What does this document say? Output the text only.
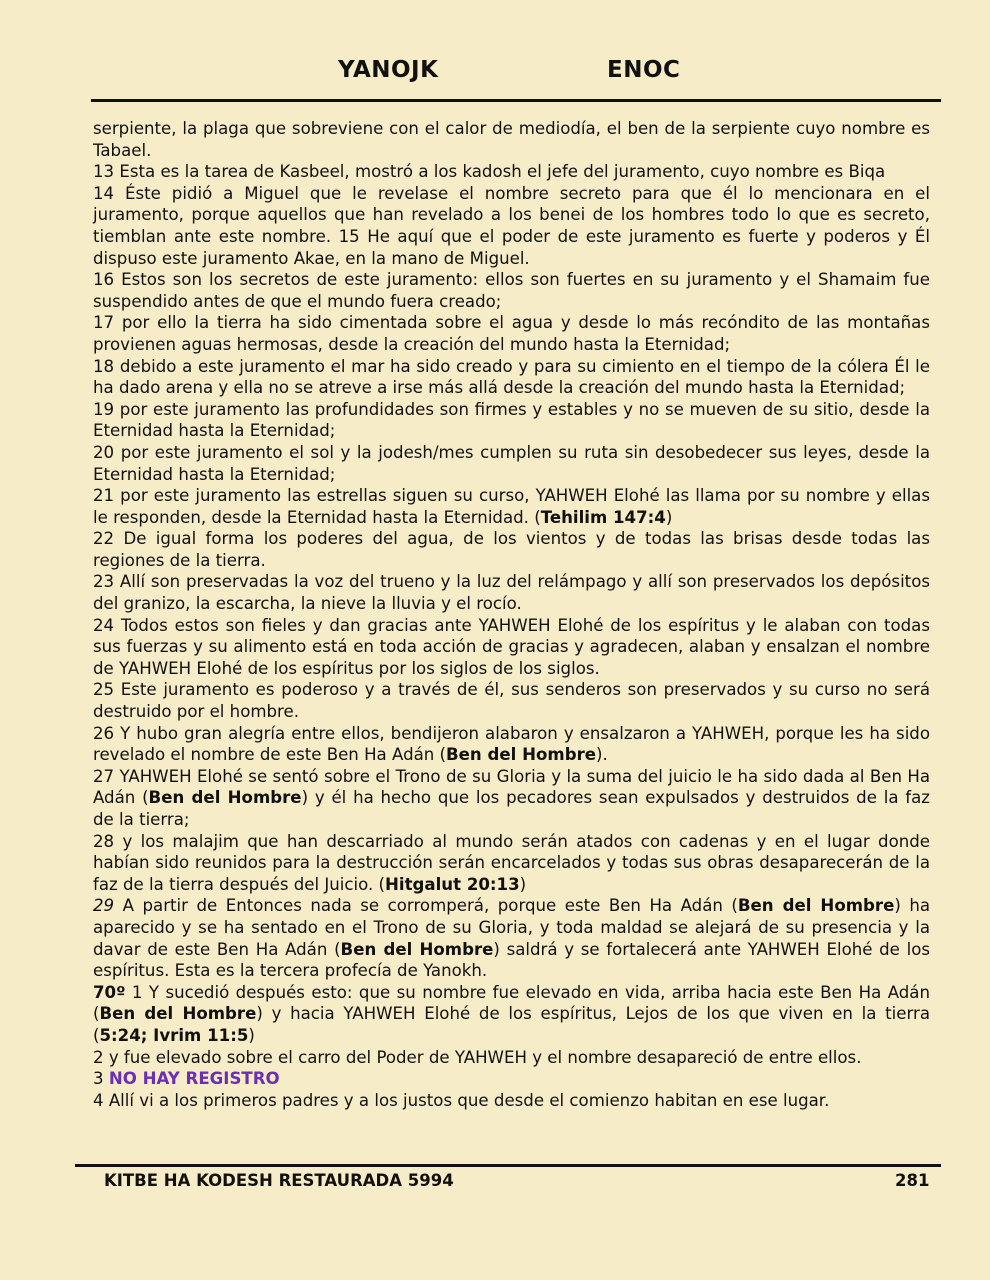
YANOJK	ENOC

serpiente, la plaga que sobreviene con el calor de mediodía, el ben de la serpiente cuyo nombre es Tabael.

13 Esta es la tarea de Kasbeel, mostró a los kadosh el jefe del juramento, cuyo nombre es Biqa

14 Éste pidió a Miguel que le revelase el nombre secreto para que él lo mencionara en el juramento, porque aquellos que han revelado a los benei de los hombres todo lo que es secreto, tiemblan ante este nombre. 15 He aquí que el poder de este juramento es fuerte y poderos y Él dispuso este juramento Akae, en la mano de Miguel.

16 Estos son los secretos de este juramento: ellos son fuertes en su juramento y el Shamaim fue suspendido antes de que el mundo fuera creado;

17 por ello la tierra ha sido cimentada sobre el agua y desde lo más recóndito de las montañas provienen aguas hermosas, desde la creación del mundo hasta la Eternidad;

18 debido a este juramento el mar ha sido creado y para su cimiento en el tiempo de la cólera Él le ha dado arena y ella no se atreve a irse más allá desde la creación del mundo hasta la Eternidad;

19 por este juramento las profundidades son firmes y estables y no se mueven de su sitio, desde la Eternidad hasta la Eternidad;

20 por este juramento el sol y la jodesh/mes cumplen su ruta sin desobedecer sus leyes, desde la Eternidad hasta la Eternidad;

21 por este juramento las estrellas siguen su curso, YAHWEH Elohé las llama por su nombre y ellas le responden, desde la Eternidad hasta la Eternidad. (Tehilim 147:4)

22 De igual forma los poderes del agua, de los vientos y de todas las brisas desde todas las regiones de la tierra.

23 Allí son preservadas la voz del trueno y la luz del relámpago y allí son preservados los depósitos del granizo, la escarcha, la nieve la lluvia y el rocío.

24 Todos estos son fieles y dan gracias ante YAHWEH Elohé de los espíritus y le alaban con todas sus fuerzas y su alimento está en toda acción de gracias y agradecen, alaban y ensalzan el nombre de YAHWEH Elohé de los espíritus por los siglos de los siglos.

25 Este juramento es poderoso y a través de él, sus senderos son preservados y su curso no será destruido por el hombre.

26 Y hubo gran alegría entre ellos, bendijeron alabaron y ensalzaron a YAHWEH, porque les ha sido revelado el nombre de este Ben Ha Adán (Ben del Hombre).

27 YAHWEH Elohé se sentó sobre el Trono de su Gloria y la suma del juicio le ha sido dada al Ben Ha Adán (Ben del Hombre) y él ha hecho que los pecadores sean expulsados y destruidos de la faz de la tierra;

28 y los malajim que han descarriado al mundo serán atados con cadenas y en el lugar donde habían sido reunidos para la destrucción serán encarcelados y todas sus obras desaparecerán de la faz de la tierra después del Juicio. (Hitgalut 20:13)

29 A partir de Entonces nada se corromperá, porque este Ben Ha Adán (Ben del Hombre) ha aparecido y se ha sentado en el Trono de su Gloria, y toda maldad se alejará de su presencia y la davar de este Ben Ha Adán (Ben del Hombre) saldrá y se fortalecerá ante YAHWEH Elohé de los espíritus. Esta es la tercera profecía de Yanokh.

70º 1 Y sucedió después esto: que su nombre fue elevado en vida, arriba hacia este Ben Ha Adán (Ben del Hombre) y hacia YAHWEH Elohé de los espíritus, Lejos de los que viven en la tierra (5:24; Ivrim 11:5)

2 y fue elevado sobre el carro del Poder de YAHWEH y el nombre desapareció de entre ellos.

3 NO HAY REGISTRO

4 Allí vi a los primeros padres y a los justos que desde el comienzo habitan en ese lugar.

KITBE HA KODESH RESTAURADA 5994	281
